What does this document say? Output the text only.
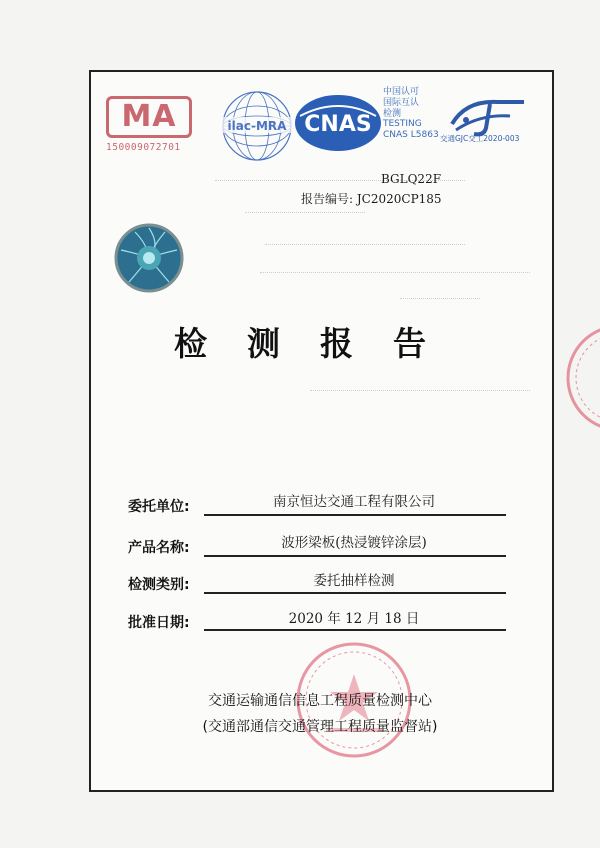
MA
150009072701
ilac-MRA CNAS
中国认可
国际互认
检测
TESTING
CNAS L5863 交通GJC交工2020-003
BGLQ22F
报告编号: JC2020CP185
检测报告
委托单位:	南京恒达交通工程有限公司
产品名称:	波形梁板(热浸镀锌涂层)
检测类别:	委托抽样检测
批准日期:	2020 年 12 月 18 日
交通运输通信信息工程质量检测中心
(交通部通信交通管理工程质量监督站)
